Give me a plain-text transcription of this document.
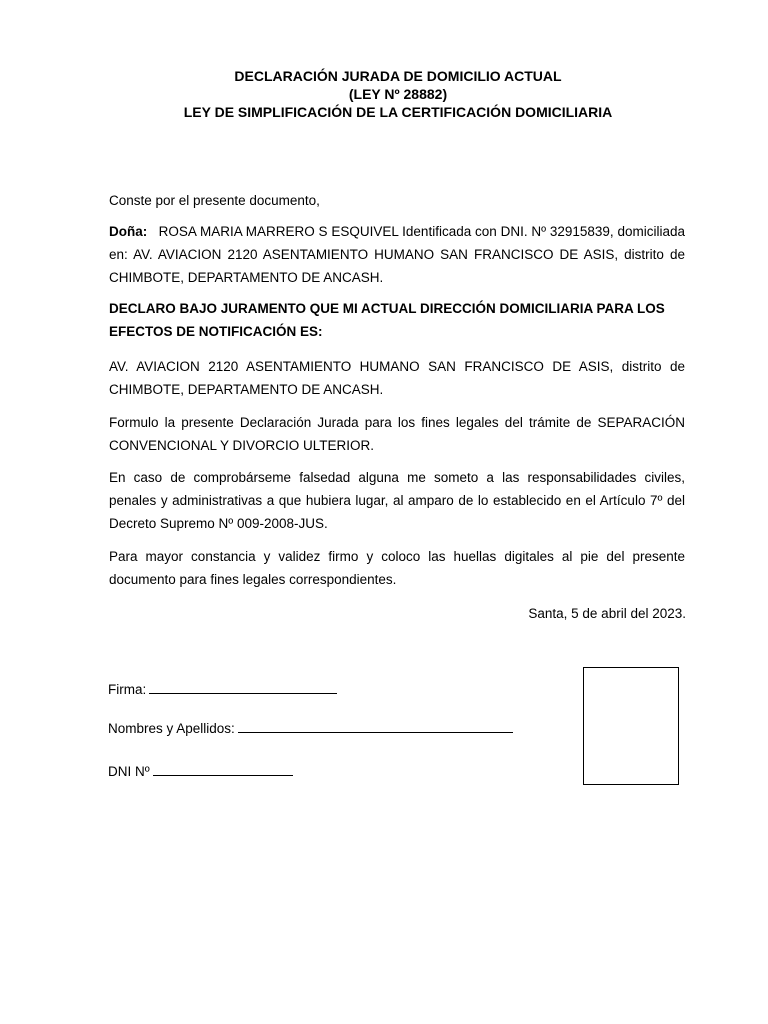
DECLARACIÓN JURADA DE DOMICILIO ACTUAL
(LEY Nº 28882)
LEY DE SIMPLIFICACIÓN DE LA CERTIFICACIÓN DOMICILIARIA
Conste por el presente documento,
Doña: ROSA MARIA MARRERO S ESQUIVEL Identificada con DNI. Nº 32915839, domiciliada en: AV. AVIACION 2120 ASENTAMIENTO HUMANO SAN FRANCISCO DE ASIS, distrito de CHIMBOTE, DEPARTAMENTO DE ANCASH.
DECLARO BAJO JURAMENTO QUE MI ACTUAL DIRECCIÓN DOMICILIARIA PARA LOS EFECTOS DE NOTIFICACIÓN ES:
AV. AVIACION 2120 ASENTAMIENTO HUMANO SAN FRANCISCO DE ASIS, distrito de CHIMBOTE, DEPARTAMENTO DE ANCASH.
Formulo la presente Declaración Jurada para los fines legales del trámite de SEPARACIÓN CONVENCIONAL Y DIVORCIO ULTERIOR.
En caso de comprobárseme falsedad alguna me someto a las responsabilidades civiles, penales y administrativas a que hubiera lugar, al amparo de lo establecido en el Artículo 7º del Decreto Supremo Nº 009-2008-JUS.
Para mayor constancia y validez firmo y coloco las huellas digitales al pie del presente documento para fines legales correspondientes.
Santa, 5 de abril del 2023.
Firma:
Nombres y Apellidos:
DNI Nº
